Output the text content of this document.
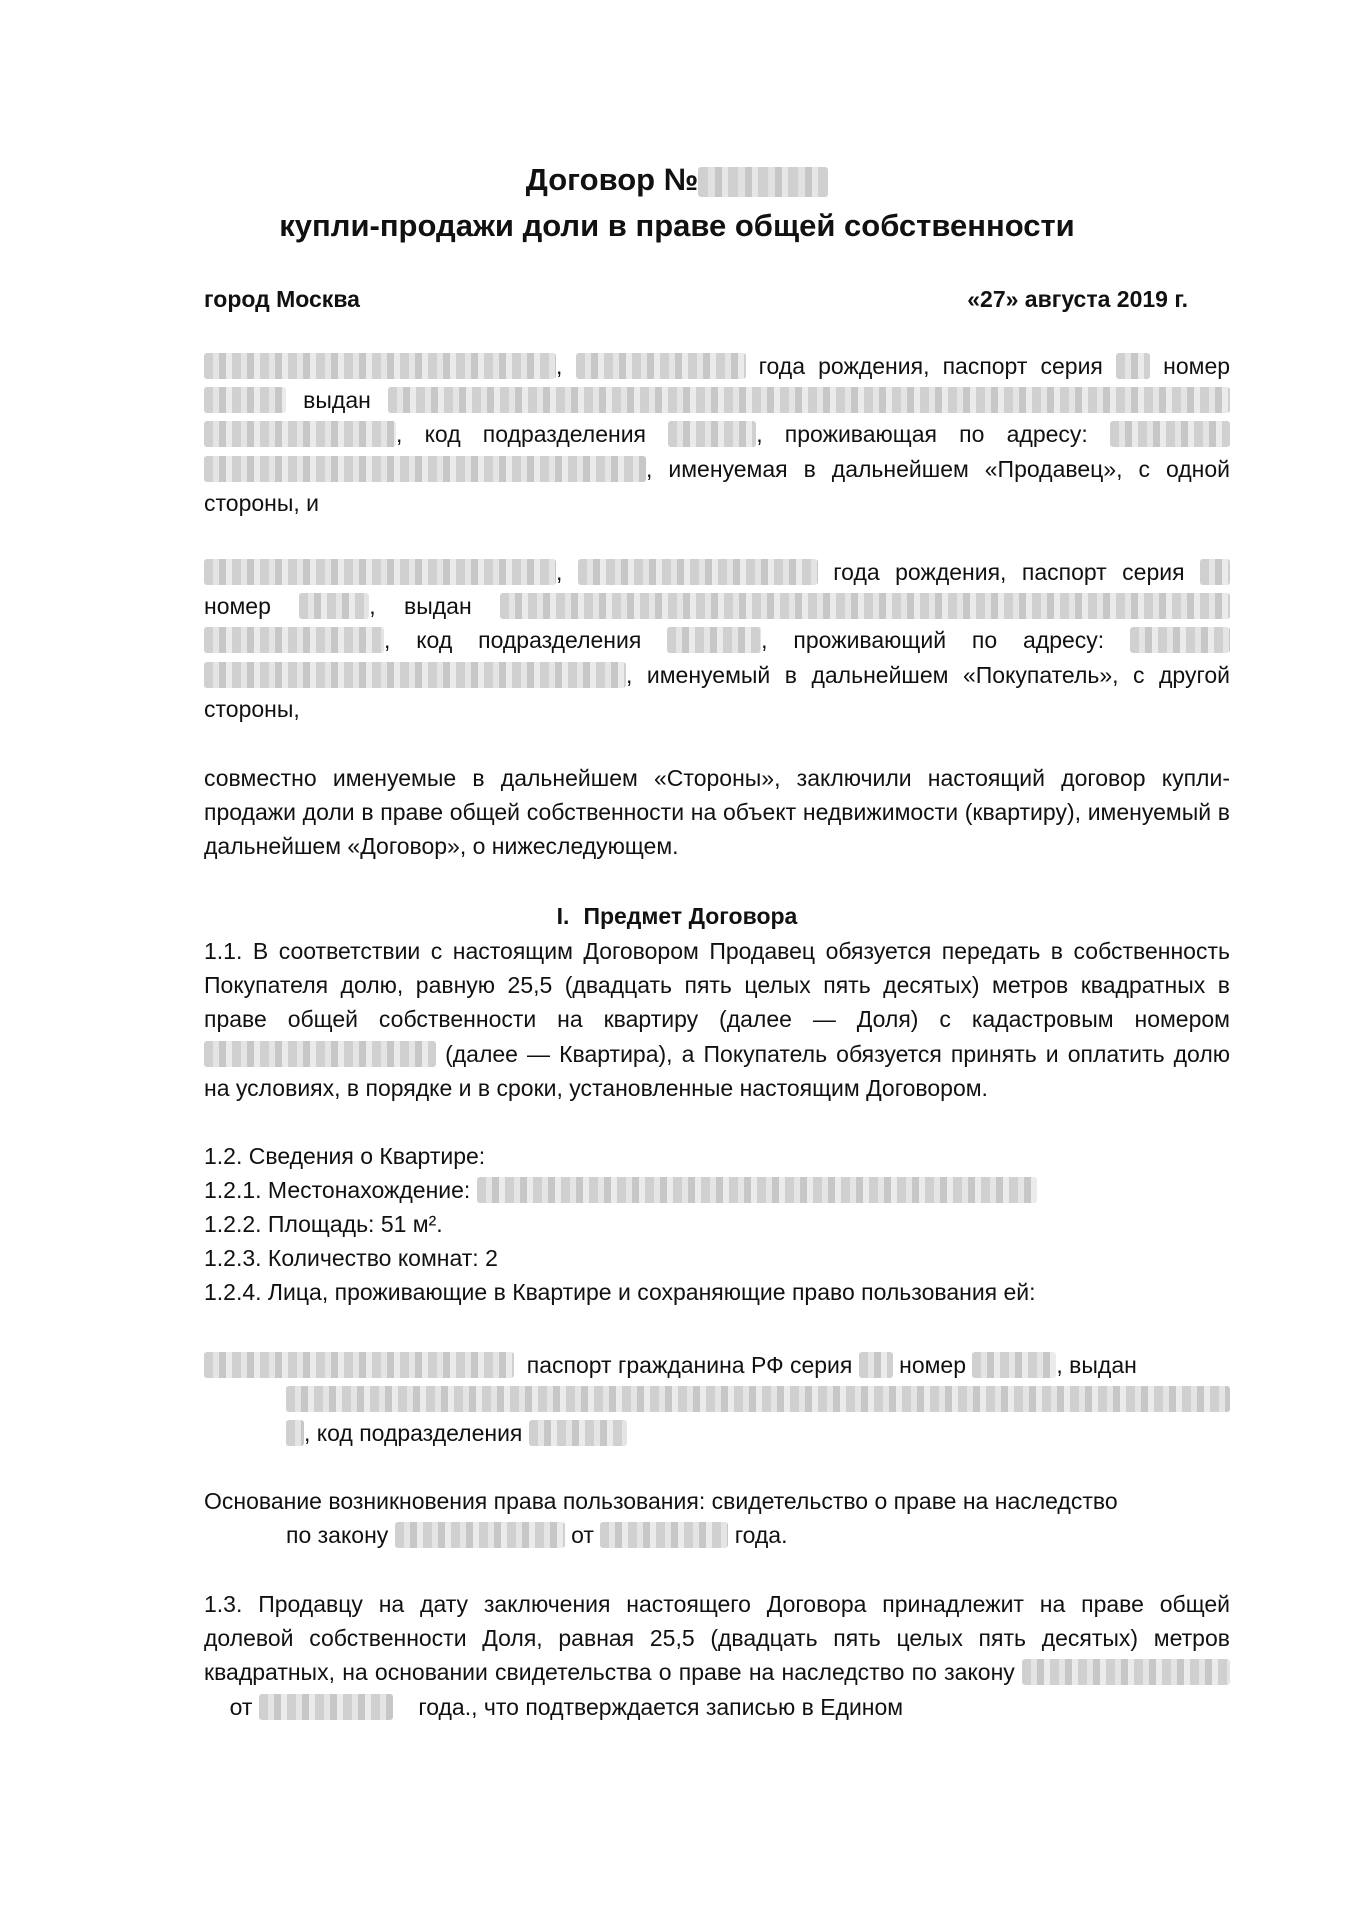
Договор №
купли-продажи доли в праве общей собственности
город Москва	«27» августа 2019 г.
,	года рождения, паспорт серия	номер  выдан  , код подразделения	, проживающая по адресу:  , именуемая в дальнейшем «Продавец», с одной стороны, и
,	года рождения, паспорт серия  номер	, выдан  , код подразделения	, проживающий по адресу:  , именуемый в дальнейшем «Покупатель», с другой стороны,
совместно именуемые в дальнейшем «Стороны», заключили настоящий договор купли-продажи доли в праве общей собственности на объект недвижимости (квартиру), именуемый в дальнейшем «Договор», о нижеследующем.
I. Предмет Договора
1.1. В соответствии с настоящим Договором Продавец обязуется передать в собственность Покупателя долю, равную 25,5 (двадцать пять целых пять десятых) метров квадратных в праве общей собственности на квартиру (далее — Доля) с кадастровым номером  (далее — Квартира), а Покупатель обязуется принять и оплатить долю на условиях, в порядке и в сроки, установленные настоящим Договором.
1.2. Сведения о Квартире:
1.2.1. Местонахождение:
1.2.2. Площадь: 51 м².
1.2.3. Количество комнат: 2
1.2.4. Лица, проживающие в Квартире и сохраняющие право пользования ей:
паспорт гражданина РФ серия номер	, выдан
, код подразделения
Основание возникновения права пользования: свидетельство о праве на наследство
по закону	от	года.
1.3. Продавцу на дату заключения настоящего Договора принадлежит на праве общей долевой собственности Доля, равная 25,5 (двадцать пять целых пять десятых) метров квадратных, на основании свидетельства о праве на наследство по закону      от	года., что подтверждается записью в Едином
